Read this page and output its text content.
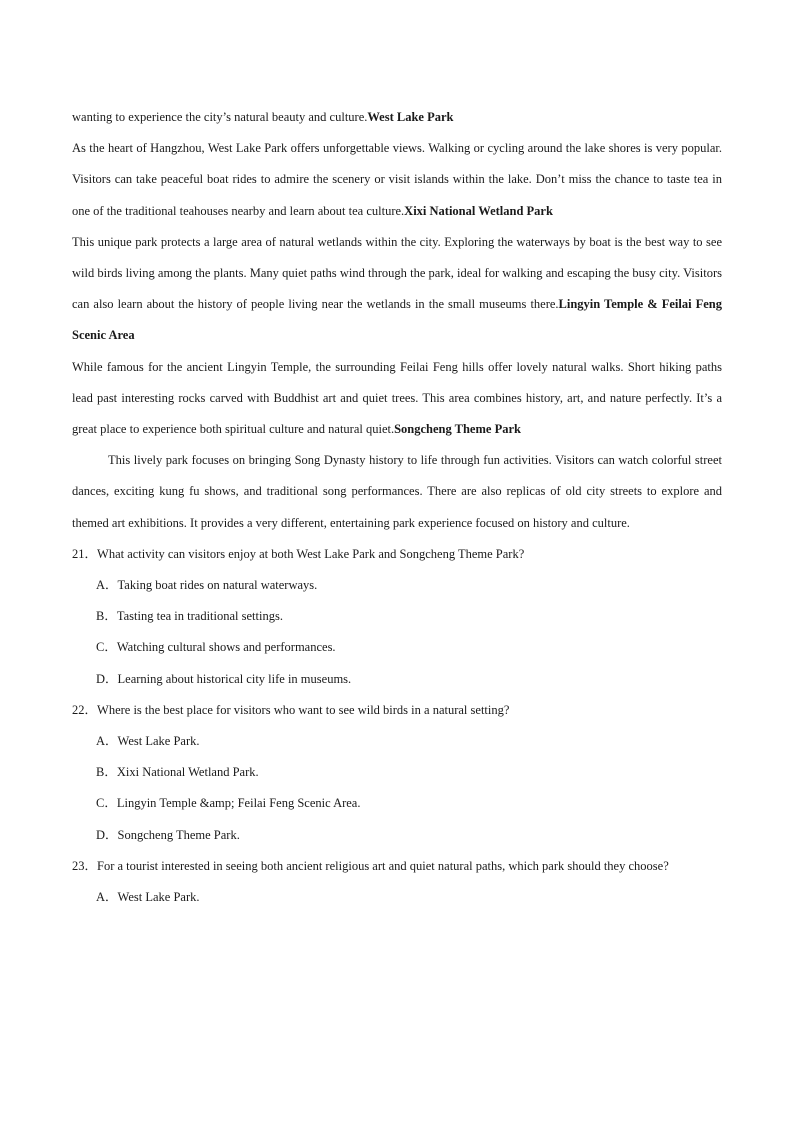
wanting to experience the city’s natural beauty and culture.West Lake Park

As the heart of Hangzhou, West Lake Park offers unforgettable views. Walking or cycling around the lake shores is very popular. Visitors can take peaceful boat rides to admire the scenery or visit islands within the lake. Don’t miss the chance to taste tea in one of the traditional teahouses nearby and learn about tea culture.Xixi National Wetland Park

This unique park protects a large area of natural wetlands within the city. Exploring the waterways by boat is the best way to see wild birds living among the plants. Many quiet paths wind through the park, ideal for walking and escaping the busy city. Visitors can also learn about the history of people living near the wetlands in the small museums there.Lingyin Temple & Feilai Feng Scenic Area

While famous for the ancient Lingyin Temple, the surrounding Feilai Feng hills offer lovely natural walks. Short hiking paths lead past interesting rocks carved with Buddhist art and quiet trees. This area combines history, art, and nature perfectly. It’s a great place to experience both spiritual culture and natural quiet.Songcheng Theme Park

This lively park focuses on bringing Song Dynasty history to life through fun activities. Visitors can watch colorful street dances, exciting kung fu shows, and traditional song performances. There are also replicas of old city streets to explore and themed art exhibitions. It provides a very different, entertaining park experience focused on history and culture.

21．What activity can visitors enjoy at both West Lake Park and Songcheng Theme Park?

A．Taking boat rides on natural waterways.

B．Tasting tea in traditional settings.

C．Watching cultural shows and performances.

D．Learning about historical city life in museums.

22．Where is the best place for visitors who want to see wild birds in a natural setting?

A．West Lake Park.

B．Xixi National Wetland Park.

C．Lingyin Temple &amp; Feilai Feng Scenic Area.

D．Songcheng Theme Park.

23．For a tourist interested in seeing both ancient religious art and quiet natural paths, which park should they choose?

A．West Lake Park.
